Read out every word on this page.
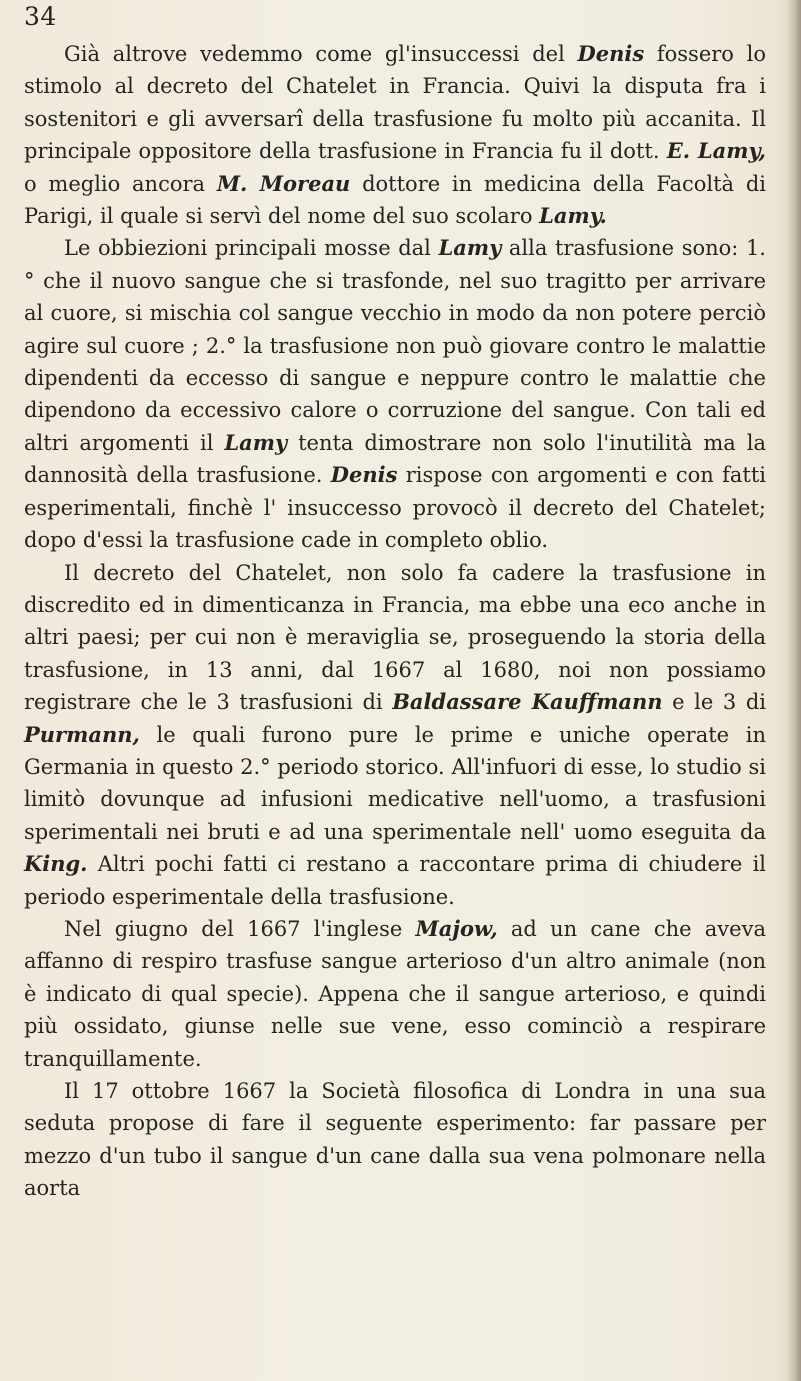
34

Già altrove vedemmo come gl'insuccessi del Denis fossero lo stimolo al decreto del Chatelet in Francia. Quivi la disputa fra i sostenitori e gli avversarî della trasfusione fu molto più accanita. Il principale oppositore della trasfusione in Francia fu il dott. E. Lamy, o meglio ancora M. Moreau dottore in medicina della Facoltà di Parigi, il quale si servì del nome del suo scolaro Lamy.

Le obbiezioni principali mosse dal Lamy alla trasfusione sono: 1.° che il nuovo sangue che si trasfonde, nel suo tragitto per arrivare al cuore, si mischia col sangue vecchio in modo da non potere perciò agire sul cuore ; 2.° la trasfusione non può giovare contro le malattie dipendenti da eccesso di sangue e neppure contro le malattie che dipendono da eccessivo calore o corruzione del sangue. Con tali ed altri argomenti il Lamy tenta dimostrare non solo l'inutilità ma la dannosità della trasfusione. Denis rispose con argomenti e con fatti esperimentali, finchè l' insuccesso provocò il decreto del Chatelet; dopo d'essi la trasfusione cade in completo oblio.

Il decreto del Chatelet, non solo fa cadere la trasfusione in discredito ed in dimenticanza in Francia, ma ebbe una eco anche in altri paesi; per cui non è meraviglia se, proseguendo la storia della trasfusione, in 13 anni, dal 1667 al 1680, noi non possiamo registrare che le 3 trasfusioni di Baldassare Kauffmann e le 3 di Purmann, le quali furono pure le prime e uniche operate in Germania in questo 2.° periodo storico. All'infuori di esse, lo studio si limitò dovunque ad infusioni medicative nell'uomo, a trasfusioni sperimentali nei bruti e ad una sperimentale nell' uomo eseguita da King. Altri pochi fatti ci restano a raccontare prima di chiudere il periodo esperimentale della trasfusione.

Nel giugno del 1667 l'inglese Majow, ad un cane che aveva affanno di respiro trasfuse sangue arterioso d'un altro animale (non è indicato di qual specie). Appena che il sangue arterioso, e quindi più ossidato, giunse nelle sue vene, esso cominciò a respirare tranquillamente.

Il 17 ottobre 1667 la Società filosofica di Londra in una sua seduta propose di fare il seguente esperimento: far passare per mezzo d'un tubo il sangue d'un cane dalla sua vena polmonare nella aorta
